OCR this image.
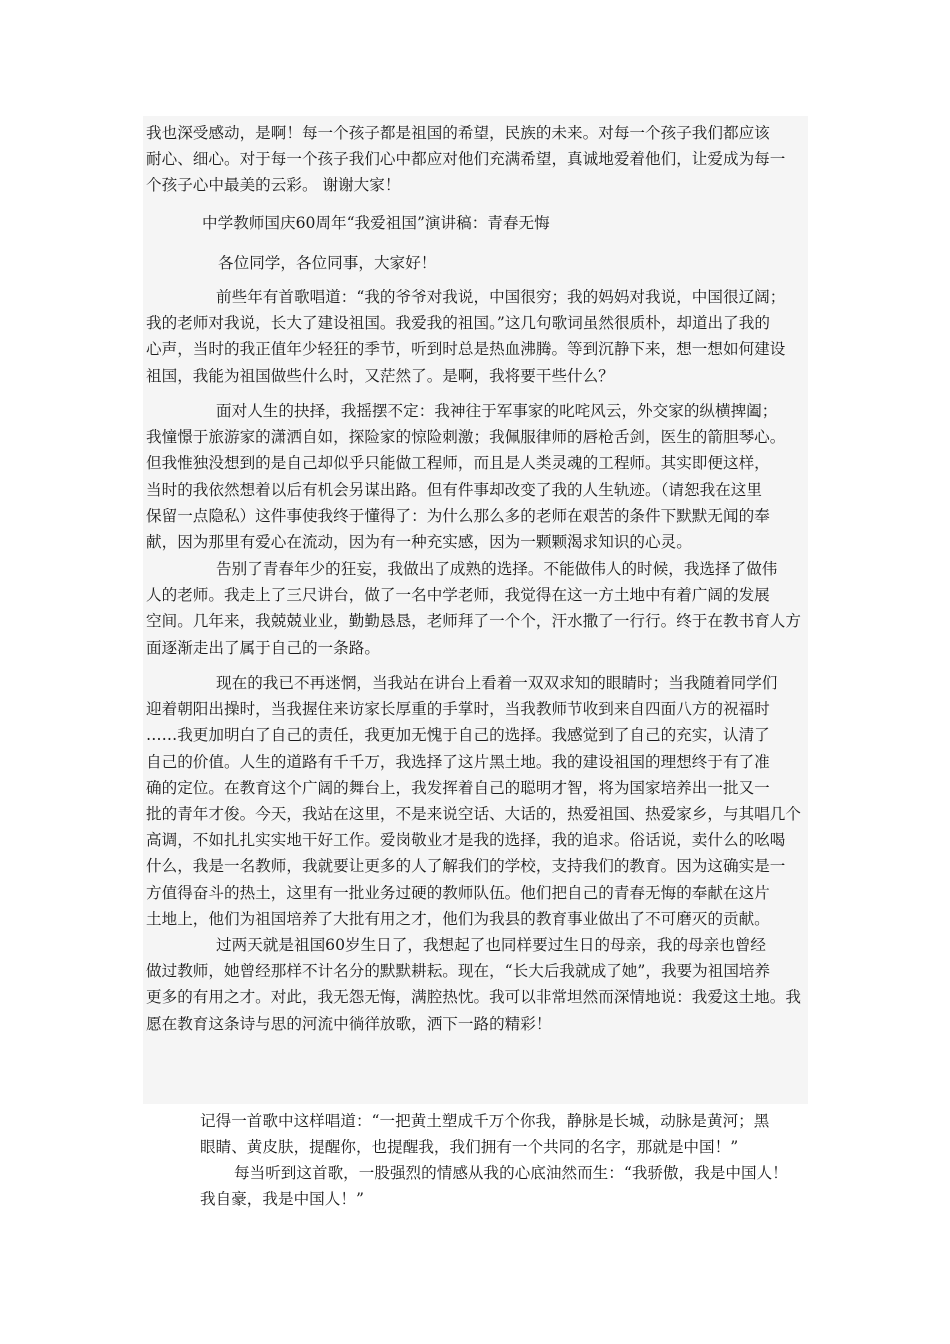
我也深受感动，是啊！每一个孩子都是祖国的希望，民族的未来。对每一个孩子我们都应该

耐心、细心。对于每一个孩子我们心中都应对他们充满希望，真诚地爱着他们，让爱成为每一

个孩子心中最美的云彩。 谢谢大家！

中学教师国庆60周年“我爱祖国”演讲稿：青春无悔
各位同学，各位同事，大家好！

前些年有首歌唱道：“我的爷爷对我说，中国很穷；我的妈妈对我说，中国很辽阔；

我的老师对我说，长大了建设祖国。我爱我的祖国。”这几句歌词虽然很质朴，却道出了我的

心声，当时的我正值年少轻狂的季节，听到时总是热血沸腾。等到沉静下来，想一想如何建设

祖国，我能为祖国做些什么时，又茫然了。是啊，我将要干些什么？

面对人生的抉择，我摇摆不定：我神往于军事家的叱咤风云，外交家的纵横捭阖；

我憧憬于旅游家的潇洒自如，探险家的惊险刺激；我佩服律师的唇枪舌剑，医生的箭胆琴心。

但我惟独没想到的是自己却似乎只能做工程师，而且是人类灵魂的工程师。其实即便这样，

当时的我依然想着以后有机会另谋出路。但有件事却改变了我的人生轨迹。（请恕我在这里

保留一点隐私）这件事使我终于懂得了：为什么那么多的老师在艰苦的条件下默默无闻的奉

献，因为那里有爱心在流动，因为有一种充实感，因为一颗颗渴求知识的心灵。

告别了青春年少的狂妄，我做出了成熟的选择。不能做伟人的时候，我选择了做伟

人的老师。我走上了三尺讲台，做了一名中学老师，我觉得在这一方土地中有着广阔的发展

空间。几年来，我兢兢业业，勤勤恳恳，老师拜了一个个，汗水撒了一行行。终于在教书育人方

面逐渐走出了属于自己的一条路。

现在的我已不再迷惘，当我站在讲台上看着一双双求知的眼睛时；当我随着同学们

迎着朝阳出操时，当我握住来访家长厚重的手掌时，当我教师节收到来自四面八方的祝福时

……我更加明白了自己的责任，我更加无愧于自己的选择。我感觉到了自己的充实，认清了

自己的价值。人生的道路有千千万，我选择了这片黑土地。我的建设祖国的理想终于有了准

确的定位。在教育这个广阔的舞台上，我发挥着自己的聪明才智，将为国家培养出一批又一

批的青年才俊。今天，我站在这里，不是来说空话、大话的，热爱祖国、热爱家乡，与其唱几个

高调，不如扎扎实实地干好工作。爱岗敬业才是我的选择，我的追求。俗话说，卖什么的吆喝

什么，我是一名教师，我就要让更多的人了解我们的学校，支持我们的教育。因为这确实是一

方值得奋斗的热土，这里有一批业务过硬的教师队伍。他们把自己的青春无悔的奉献在这片

土地上，他们为祖国培养了大批有用之才，他们为我县的教育事业做出了不可磨灭的贡献。

过两天就是祖国60岁生日了，我想起了也同样要过生日的母亲，我的母亲也曾经

做过教师，她曾经那样不计名分的默默耕耘。现在，“长大后我就成了她”，我要为祖国培养

更多的有用之才。对此，我无怨无悔，满腔热忱。我可以非常坦然而深情地说：我爱这土地。我

愿在教育这条诗与思的河流中徜徉放歌，洒下一路的精彩！

记得一首歌中这样唱道：“一把黄土塑成千万个你我，静脉是长城，动脉是黄河；黑

眼睛、黄皮肤，提醒你，也提醒我，我们拥有一个共同的名字，那就是中国！”

每当听到这首歌，一股强烈的情感从我的心底油然而生：“我骄傲，我是中国人！

我自豪，我是中国人！”
